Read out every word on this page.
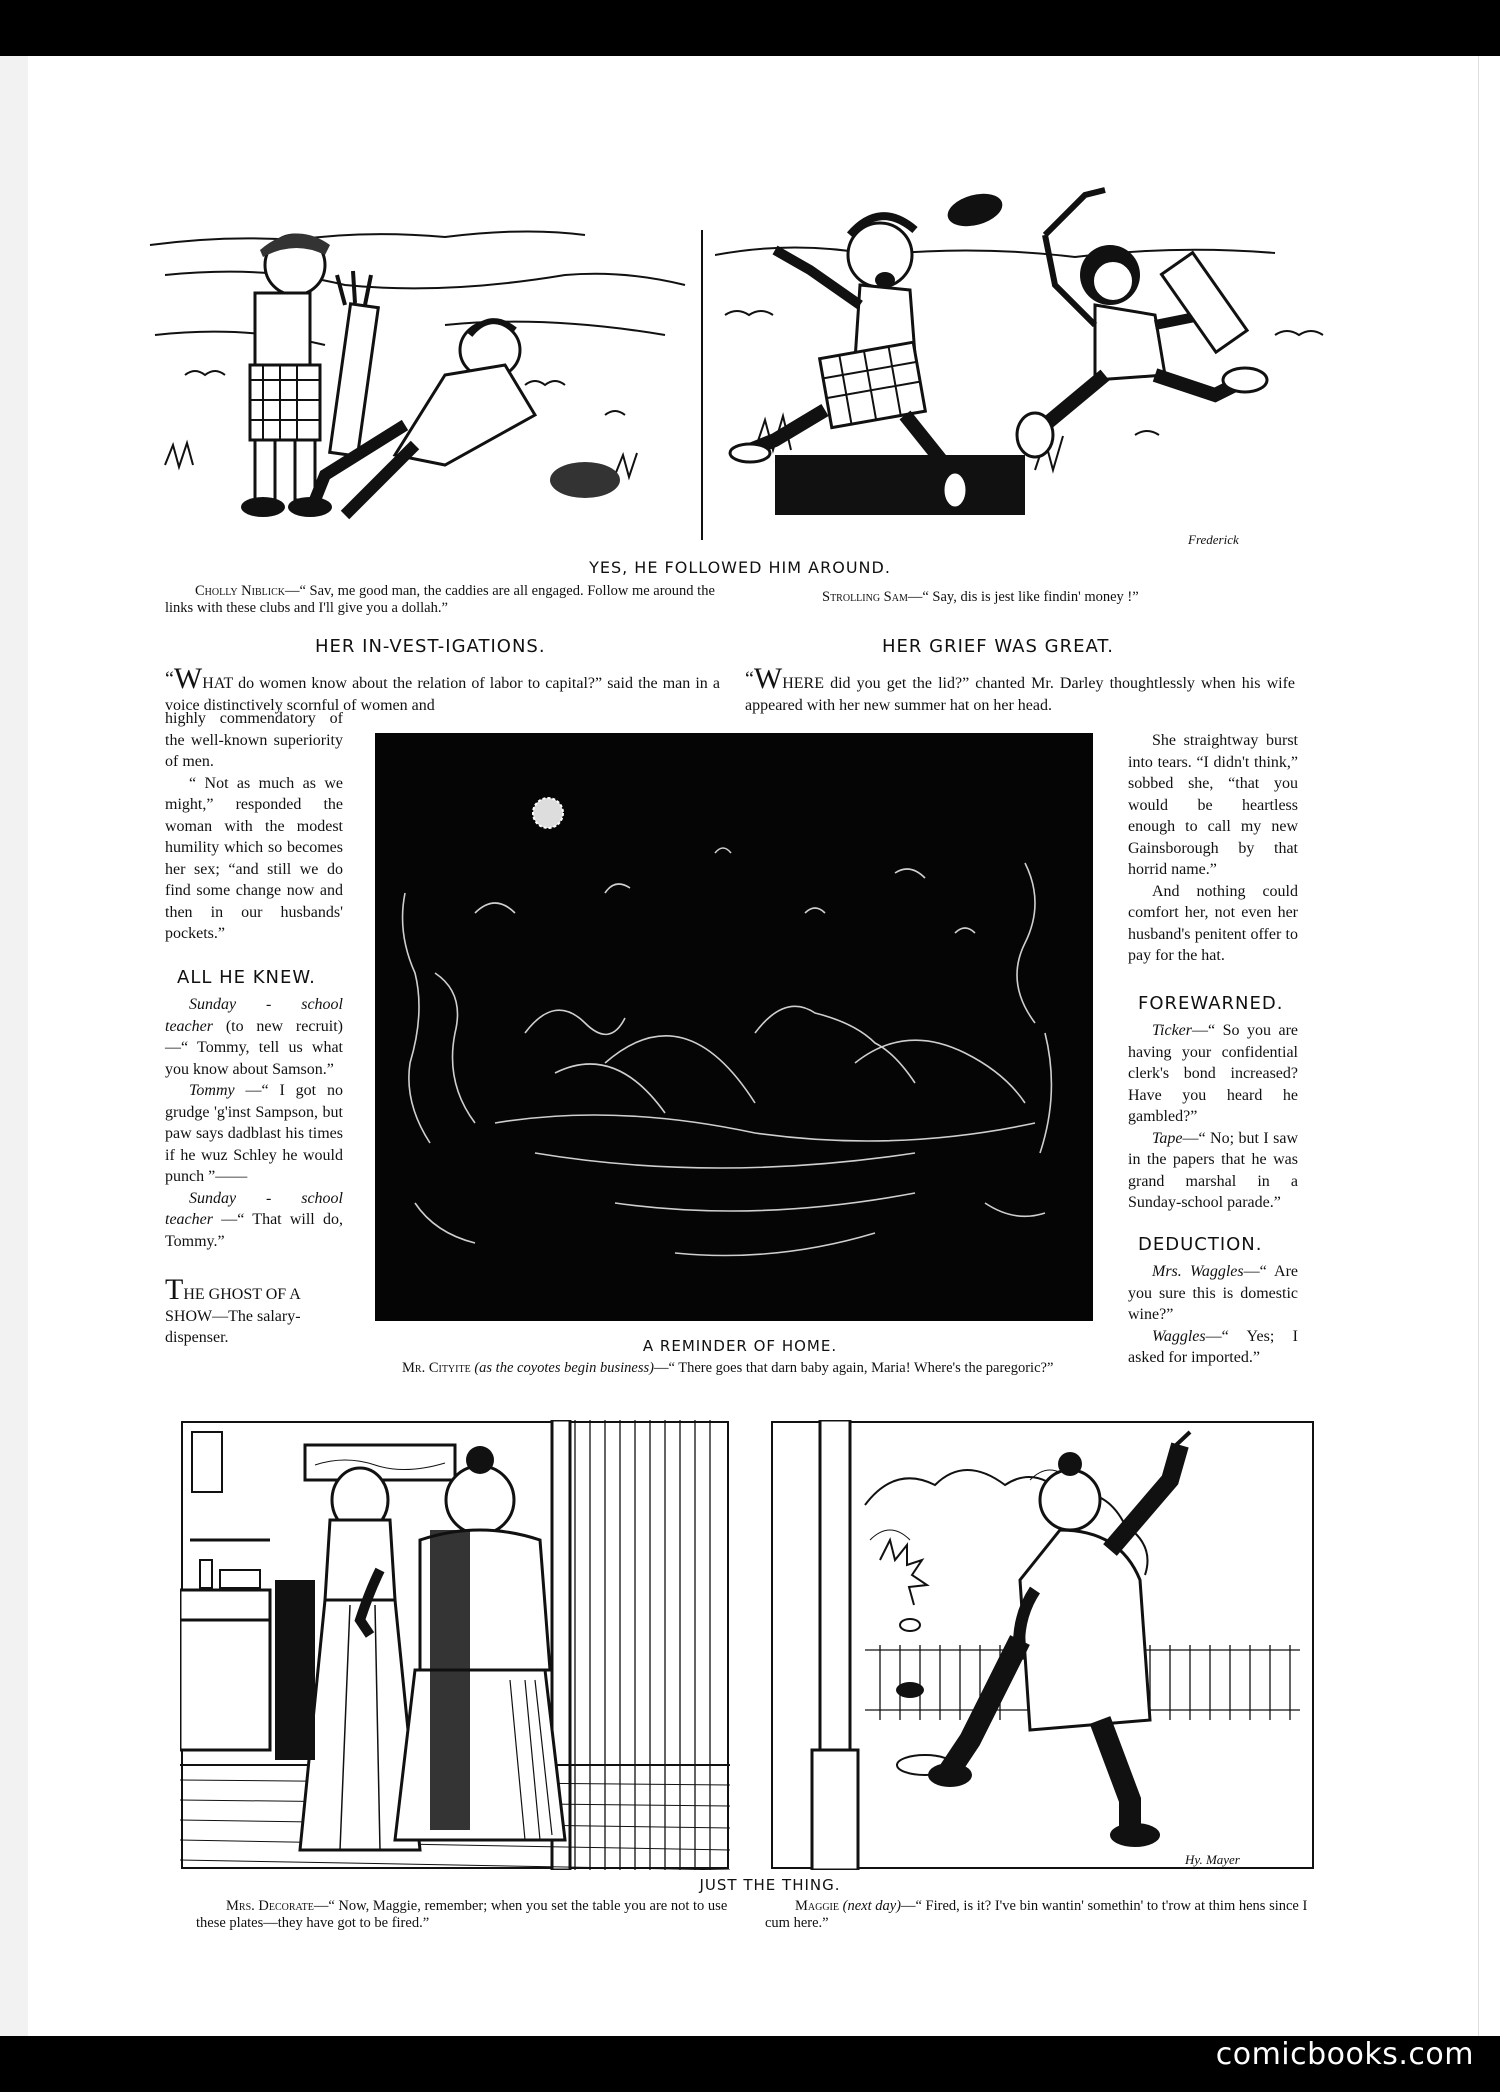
Frederick
YES, HE FOLLOWED HIM AROUND.
Cholly Niblick—“ Sav, me good man, the caddies are all engaged. Follow me around the links with these clubs and I'll give you a dollah.”
Strolling Sam—“ Say, dis is jest like findin' money !”
HER IN-VEST-IGATIONS.
“WHAT do women know about the relation of labor to capital?” said the man in a voice distinctively scornful of women and

highly commendatory of the well-known superiority of men.

“ Not as much as we might,” responded the woman with the modest humility which so becomes her sex; “and still we do find some change now and then in our husbands' pockets.”

ALL HE KNEW.

Sunday - school teacher (to new recruit) —“ Tommy, tell us what you know about Samson.”

Tommy —“ I got no grudge 'g'inst Sampson, but paw says dadblast his times if he wuz Schley he would punch ”——

Sunday - school teacher —“ That will do, Tommy.”

THE GHOST OF A SHOW—The salary-dispenser.	A REMINDER OF HOME.
Mr. Cityite (as the coyotes begin business)—“ There goes that darn baby again, Maria! Where's the paregoric?”
HER GRIEF WAS GREAT.
“WHERE did you get the lid?” chanted Mr. Darley thoughtlessly when his wife appeared with her new summer hat on her head.

She straightway burst into tears. “I didn't think,” sobbed she, “that you would be heartless enough to call my new Gainsborough by that horrid name.”

And nothing could comfort her, not even her husband's penitent offer to pay for the hat.

FOREWARNED.

Ticker—“ So you are having your confidential clerk's bond increased? Have you heard he gambled?”

Tape—“ No; but I saw in the papers that he was grand marshal in a Sunday-school parade.”

DEDUCTION.

Mrs. Waggles—“ Are you sure this is domestic wine?”

Waggles—“ Yes; I asked for imported.”

Hy. Mayer
JUST THE THING.
Mrs. Decorate—“ Now, Maggie, remember; when you set the table you are not to use these plates—they have got to be fired.”
Maggie (next day)—“ Fired, is it? I've bin wantin' somethin' to t'row at thim hens since I cum here.”
comicbooks.com
